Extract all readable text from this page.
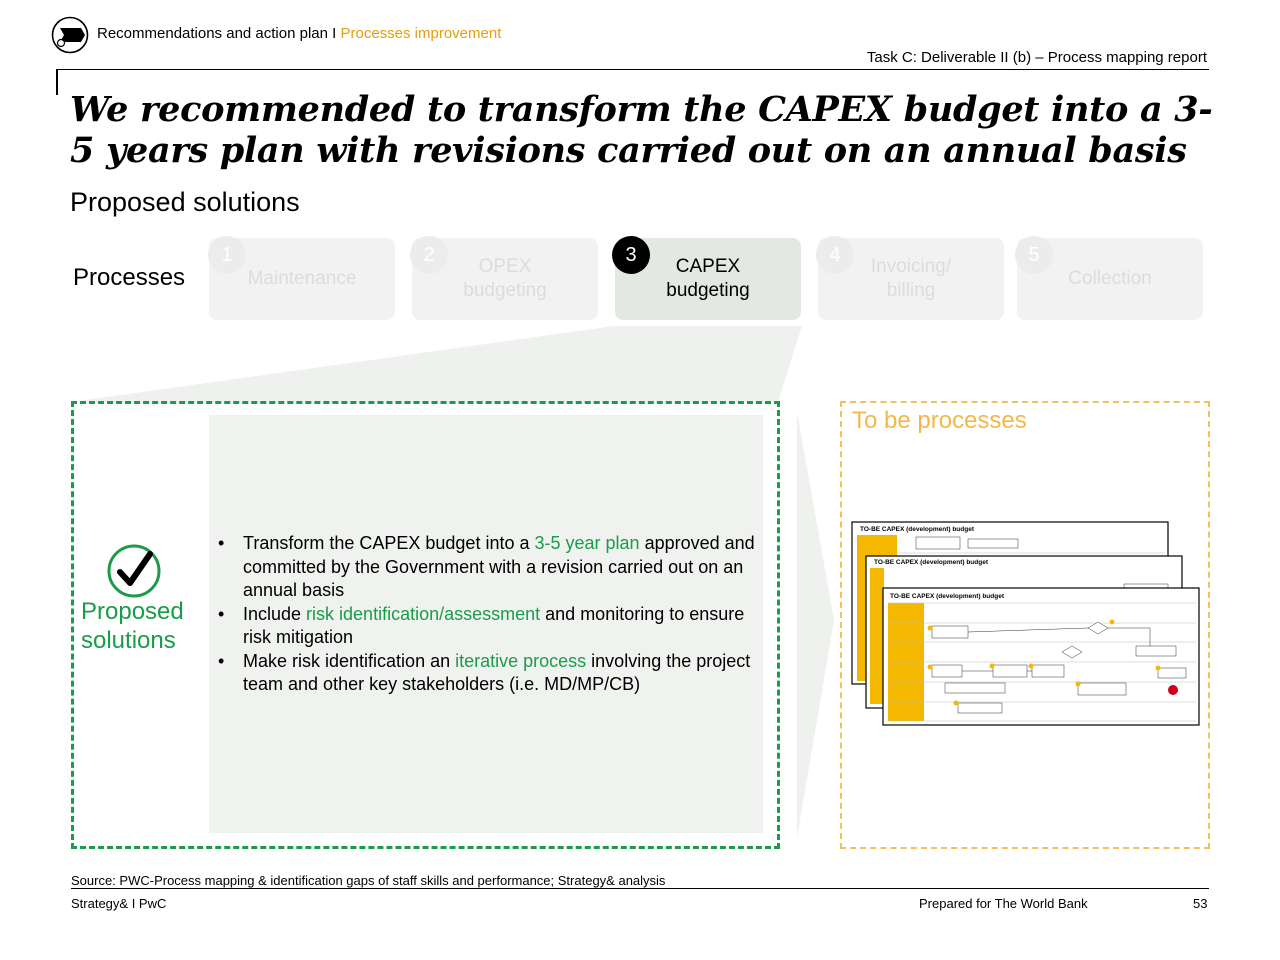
Recommendations and action plan I Processes improvement
Task C: Deliverable II (b) – Process mapping report
We recommended to transform the CAPEX budget into a 3-5 years plan with revisions carried out on an annual basis
Proposed solutions
Processes	Maintenance
1
OPEX budgeting
2
CAPEX budgeting
3
Invoicing/ billing
4
Collection
5
Proposed solutions
• Transform the CAPEX budget into a 3-5 year plan approved and committed by the Government with a revision carried out on an annual basis
• Include risk identification/assessment and monitoring to ensure risk mitigation
• Make risk identification an iterative process involving the project team and other key stakeholders (i.e. MD/MP/CB)
To be processes
TO-BE CAPEX (development) budget
TO-BE CAPEX (development) budget
TO-BE CAPEX (development) budget
Source: PWC-Process mapping & identification gaps of staff skills and performance; Strategy& analysis
Strategy& I PwC	Prepared for The World Bank	53
